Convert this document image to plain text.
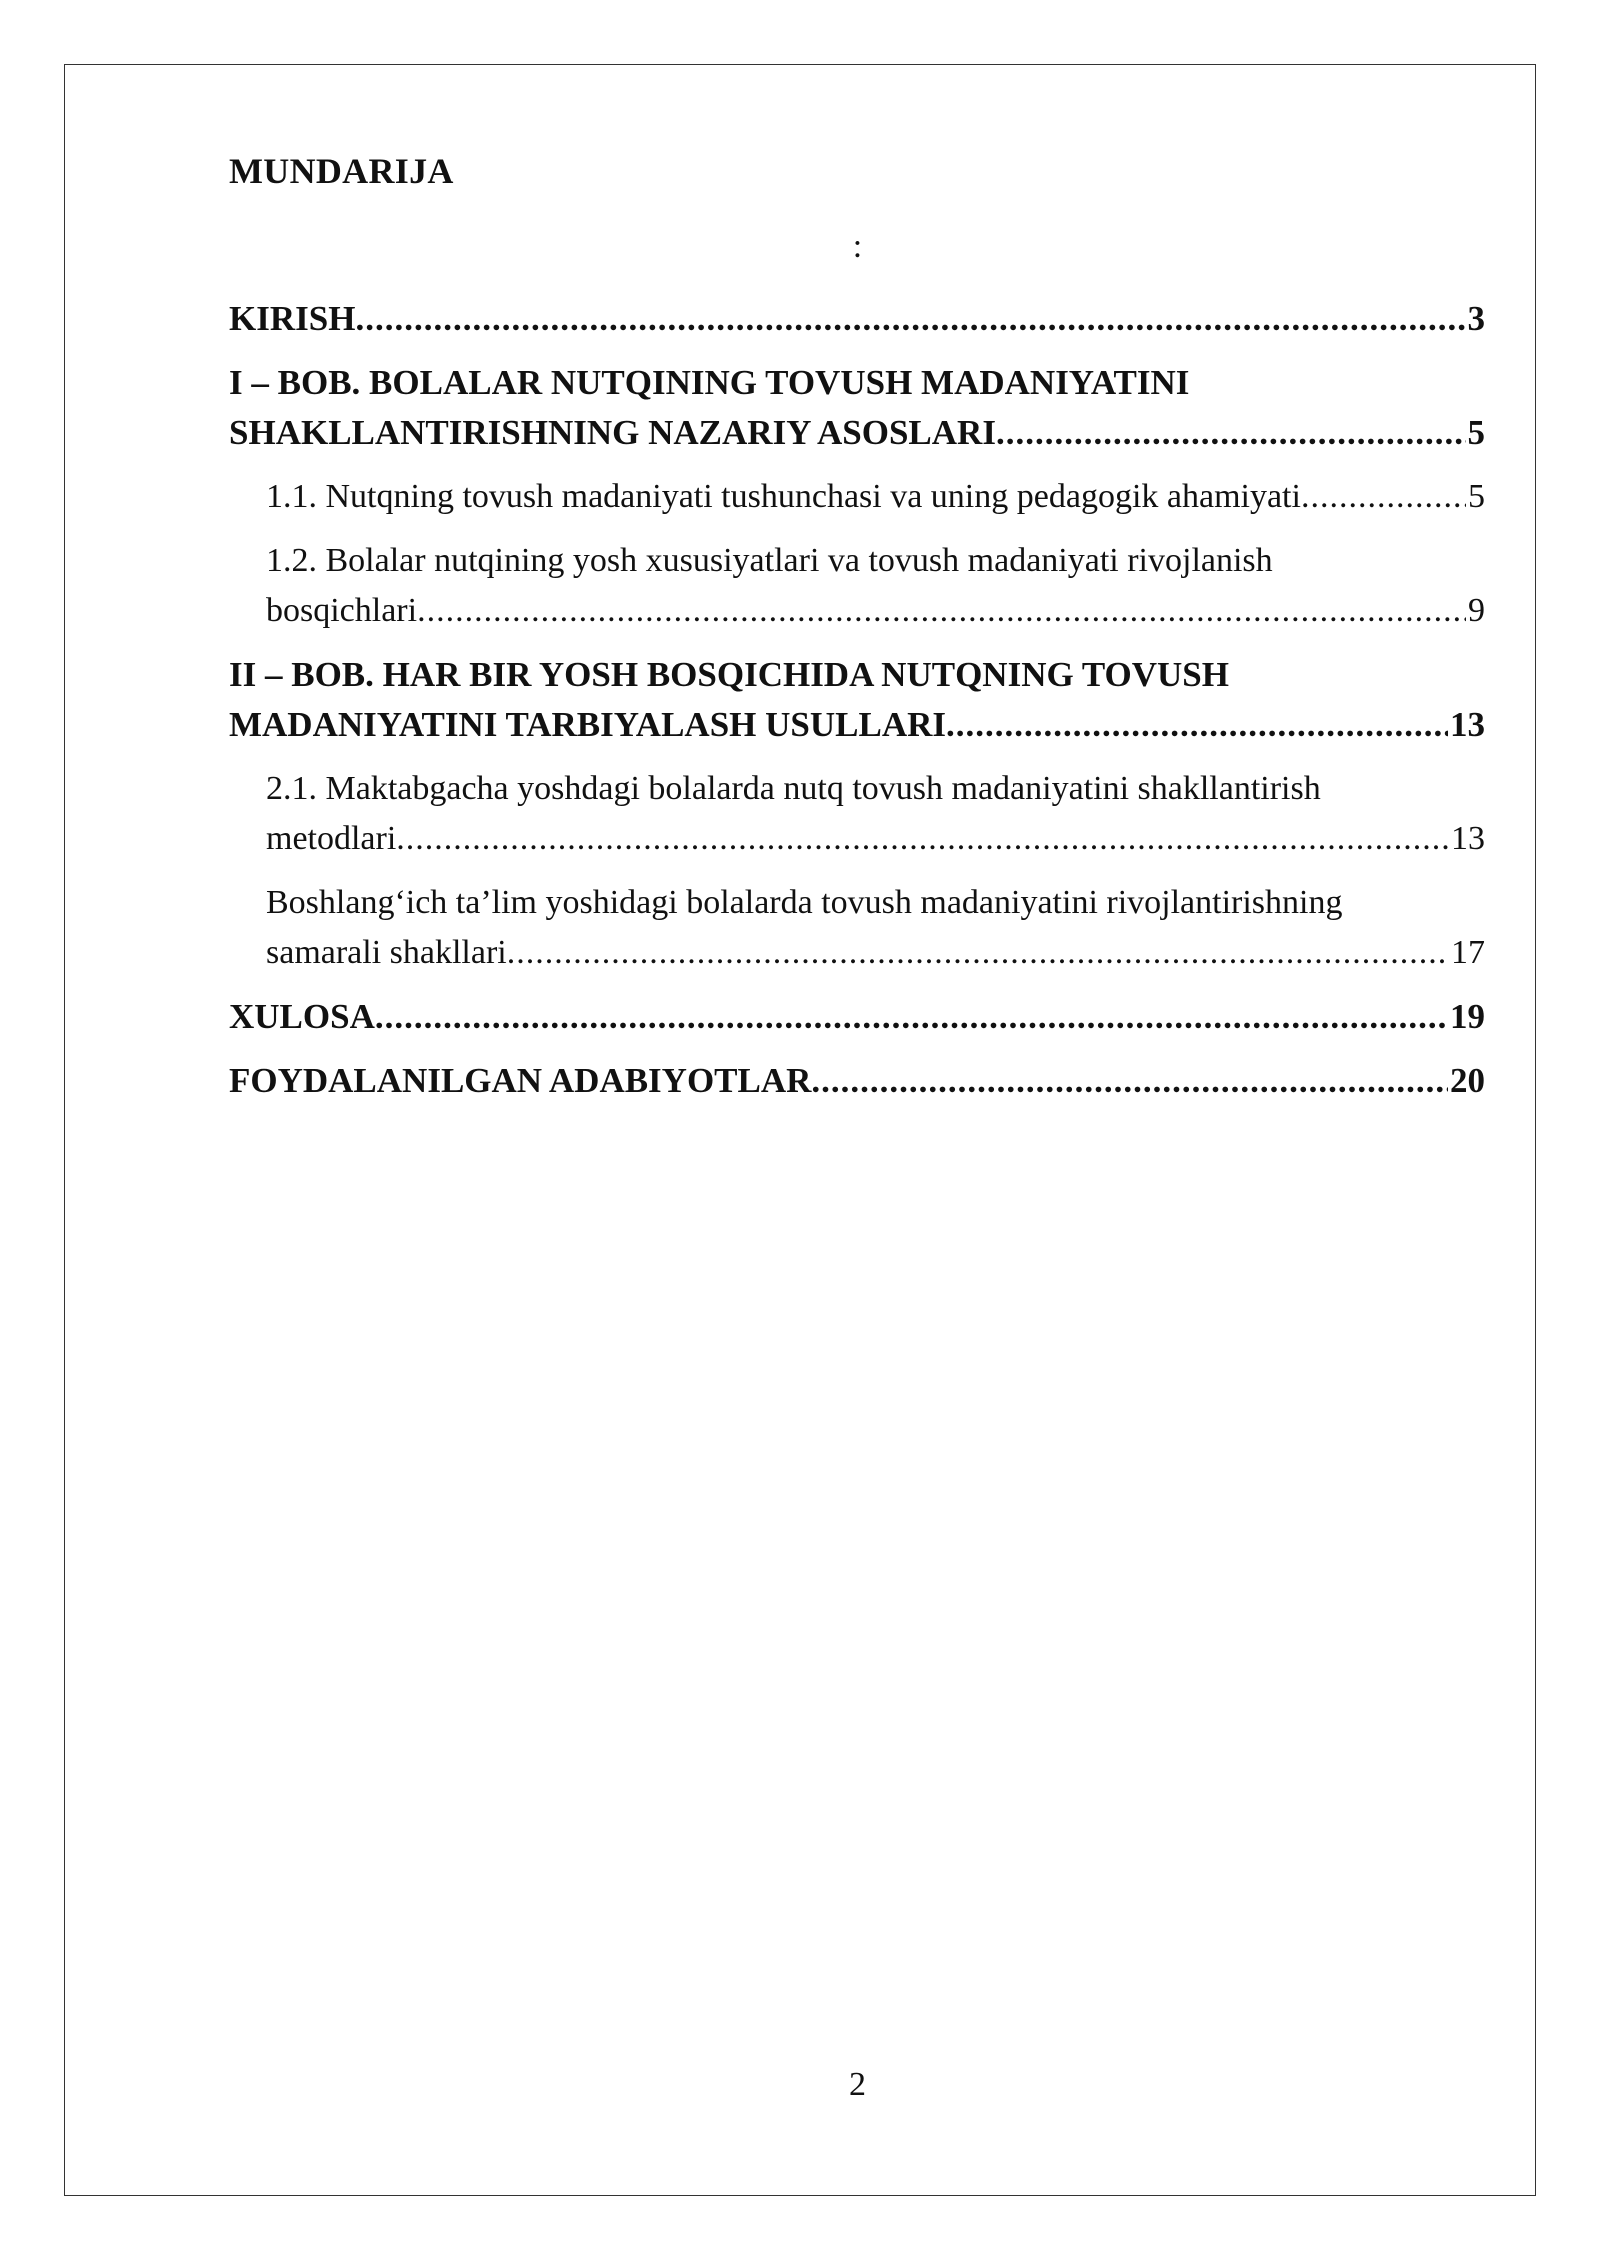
MUNDARIJA
:
KIRISH .....	3
I – BOB. BOLALAR NUTQINING TOVUSH MADANIYATINI
SHAKLLANTIRISHNING NAZARIY ASOSLARI .....	5
1.1. Nutqning tovush madaniyati tushunchasi va uning pedagogik ahamiyati .....	5
1.2. Bolalar nutqining yosh xususiyatlari va tovush madaniyati rivojlanish
bosqichlari .....	9
II – BOB. HAR BIR YOSH BOSQICHIDA NUTQNING TOVUSH
MADANIYATINI TARBIYALASH USULLARI .....	13
2.1. Maktabgacha yoshdagi bolalarda nutq tovush madaniyatini shakllantirish
metodlari .....	13
Boshlang‘ich ta’lim yoshidagi bolalarda tovush madaniyatini rivojlantirishning
samarali shakllari .....	17
XULOSA .....	19
FOYDALANILGAN ADABIYOTLAR .....	20
2
